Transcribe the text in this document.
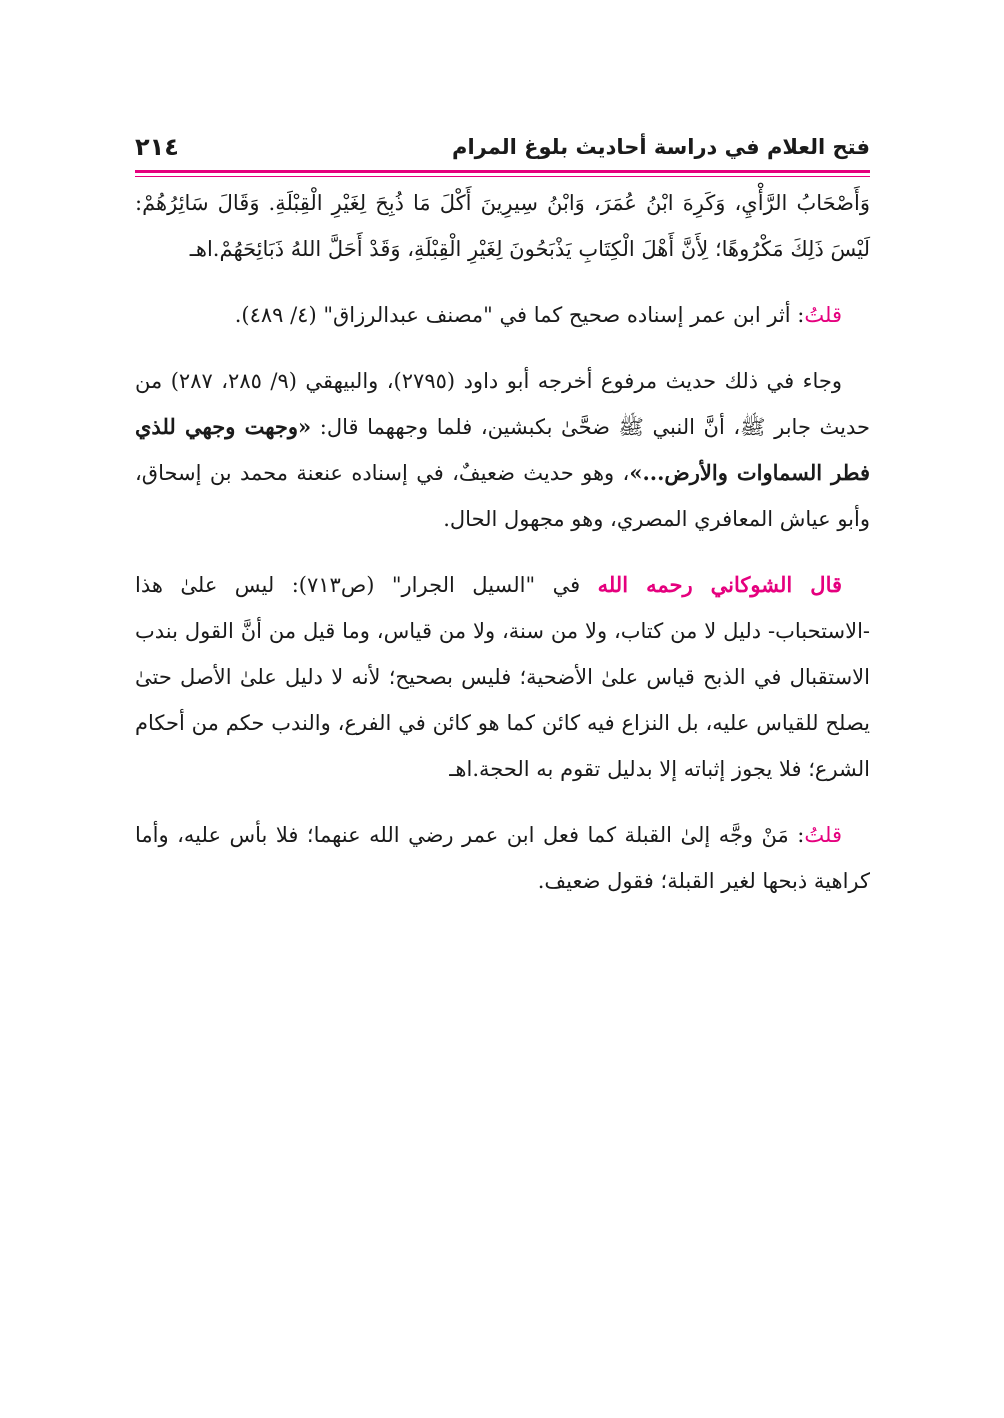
٢١٤	فتح العلام في دراسة أحاديث بلوغ المرام

وَأَصْحَابُ الرَّأْيِ، وَكَرِهَ ابْنُ عُمَرَ، وَابْنُ سِيرِينَ أَكْلَ مَا ذُبِحَ لِغَيْرِ الْقِبْلَةِ. وَقَالَ سَائِرُهُمْ: لَيْسَ ذَلِكَ مَكْرُوهًا؛ لِأَنَّ أَهْلَ الْكِتَابِ يَذْبَحُونَ لِغَيْرِ الْقِبْلَةِ، وَقَدْ أَحَلَّ اللهُ ذَبَائِحَهُمْ.اهـ

قلتُ: أثر ابن عمر إسناده صحيح كما في "مصنف عبدالرزاق" (٤/ ٤٨٩).

وجاء في ذلك حديث مرفوع أخرجه أبو داود (٢٧٩٥)، والبيهقي (٩/ ٢٨٥، ٢٨٧) من حديث جابر ﷺ، أنَّ النبي ﷺ ضحَّىٰ بكبشين، فلما وجههما قال: «وجهت وجهي للذي فطر السماوات والأرض...»، وهو حديث ضعيفٌ، في إسناده عنعنة محمد بن إسحاق، وأبو عياش المعافري المصري، وهو مجهول الحال.

قال الشوكاني رحمه الله في "السيل الجرار" (ص٧١٣): ليس علىٰ هذا -الاستحباب- دليل لا من كتاب، ولا من سنة، ولا من قياس، وما قيل من أنَّ القول بندب الاستقبال في الذبح قياس علىٰ الأضحية؛ فليس بصحيح؛ لأنه لا دليل علىٰ الأصل حتىٰ يصلح للقياس عليه، بل النزاع فيه كائن كما هو كائن في الفرع، والندب حكم من أحكام الشرع؛ فلا يجوز إثباته إلا بدليل تقوم به الحجة.اهـ

قلتُ: مَنْ وجَّه إلىٰ القبلة كما فعل ابن عمر رضي الله عنهما؛ فلا بأس عليه، وأما كراهية ذبحها لغير القبلة؛ فقول ضعيف.
